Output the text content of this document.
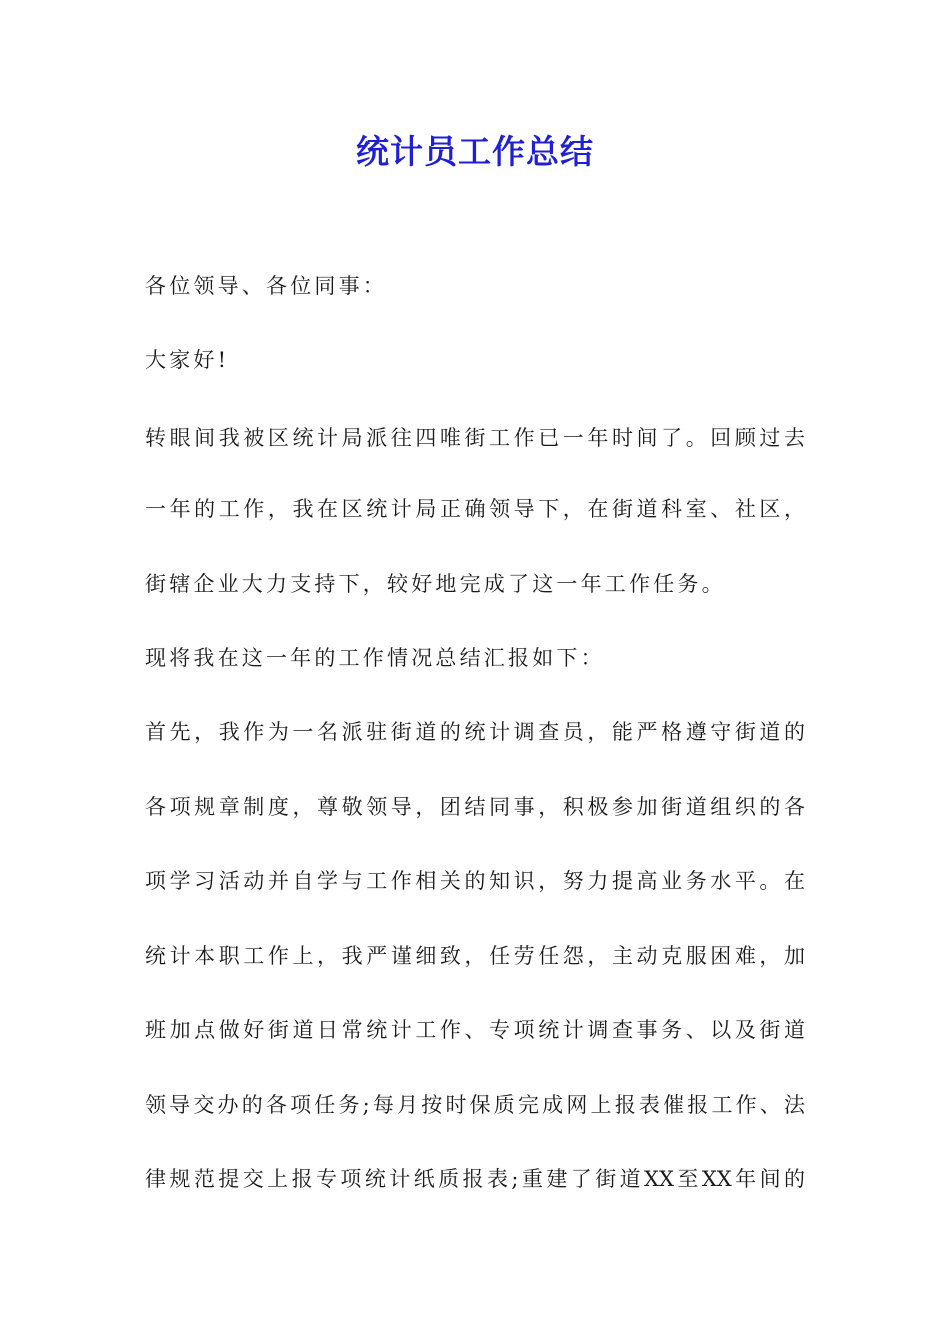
统计员工作总结
各位领导、各位同事：
大家好!
转眼间我被区统计局派往四唯街工作已一年时间了。回顾过去
一年的工作，我在区统计局正确领导下，在街道科室、社区，
街辖企业大力支持下，较好地完成了这一年工作任务。
现将我在这一年的工作情况总结汇报如下：
首先，我作为一名派驻街道的统计调查员，能严格遵守街道的
各项规章制度，尊敬领导，团结同事，积极参加街道组织的各
项学习活动并自学与工作相关的知识，努力提高业务水平。在
统计本职工作上，我严谨细致，任劳任怨，主动克服困难，加
班加点做好街道日常统计工作、专项统计调查事务、以及街道
领导交办的各项任务;每月按时保质完成网上报表催报工作、法
律规范提交上报专项统计纸质报表;重建了街道XX至XX年间的
